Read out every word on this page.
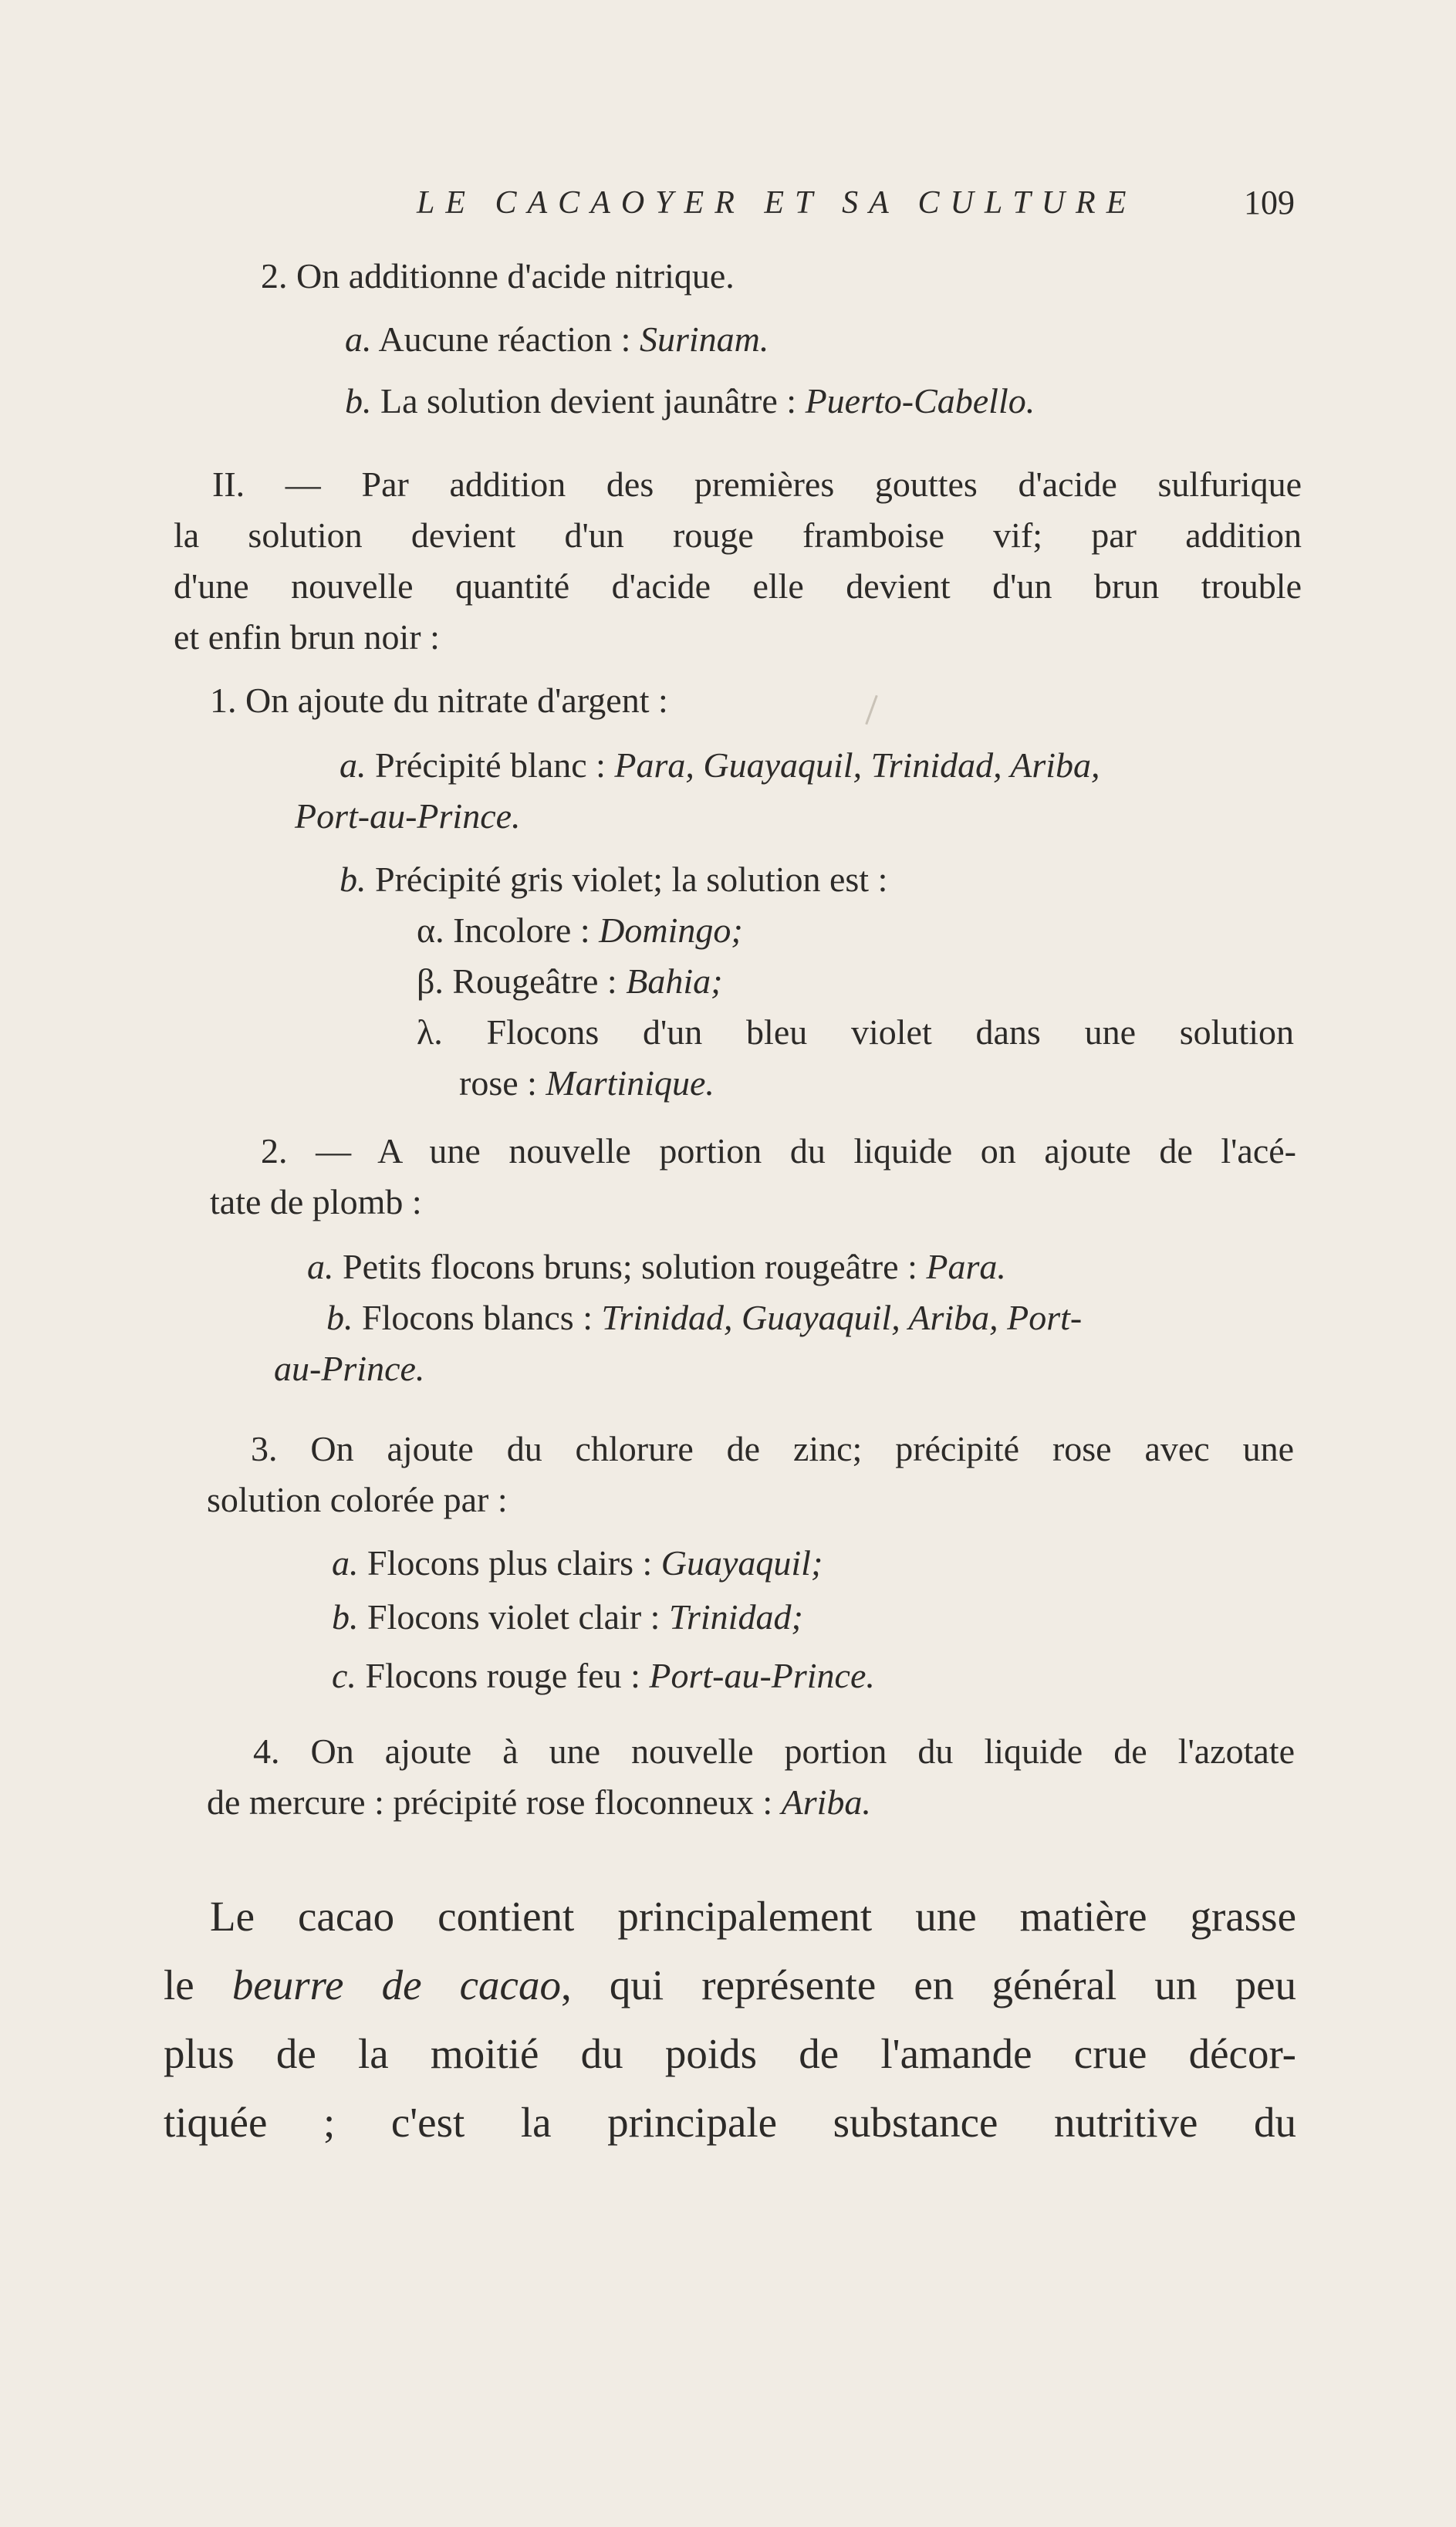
LE CACAOYER ET SA CULTURE	109
2. On additionne d'acide nitrique.
a. Aucune réaction : Surinam.
b. La solution devient jaunâtre : Puerto-Cabello.
II. — Par addition des premières gouttes d'acide sulfurique
la solution devient d'un rouge framboise vif; par addition
d'une nouvelle quantité d'acide elle devient d'un brun trouble
et enfin brun noir :
1. On ajoute du nitrate d'argent :
a. Précipité blanc : Para, Guayaquil, Trinidad, Ariba,
Port-au-Prince.
b. Précipité gris violet; la solution est :
α. Incolore : Domingo;
β. Rougeâtre : Bahia;
λ. Flocons d'un bleu violet dans une solution
rose : Martinique.
2. — A une nouvelle portion du liquide on ajoute de l'acé-
tate de plomb :
a. Petits flocons bruns; solution rougeâtre : Para.
b. Flocons blancs : Trinidad, Guayaquil, Ariba, Port-
au-Prince.
3. On ajoute du chlorure de zinc; précipité rose avec une
solution colorée par :
a. Flocons plus clairs : Guayaquil;
b. Flocons violet clair : Trinidad;
c. Flocons rouge feu : Port-au-Prince.
4. On ajoute à une nouvelle portion du liquide de l'azotate
de mercure : précipité rose floconneux : Ariba.
Le cacao contient principalement une matière grasse
le beurre de cacao, qui représente en général un peu
plus de la moitié du poids de l'amande crue décor-
tiquée ; c'est la principale substance nutritive du
